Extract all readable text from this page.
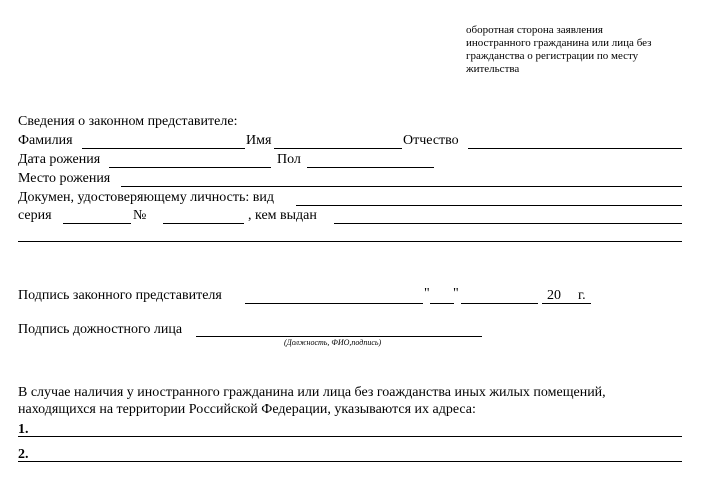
оборотная сторона заявления
иностранного гражданина или лица без
гражданства о регистрации по месту
жительства
Сведения о законном представителе:
Фамилия	Имя	Отчество
Дата рожения	Пол
Место рожения
Докумен, удостоверяющему личность: вид
серия	№	, кем выдан
Подпись законного представителя	" "	20 г.
Подпись дожностного лица
(Должность, ФИО,подпись)
В случае наличия у иностранного гражданина или лица без гоажданства иных жилых помещений,
находящихся на территории Российской Федерации, указываются их адреса:
1.
2.
